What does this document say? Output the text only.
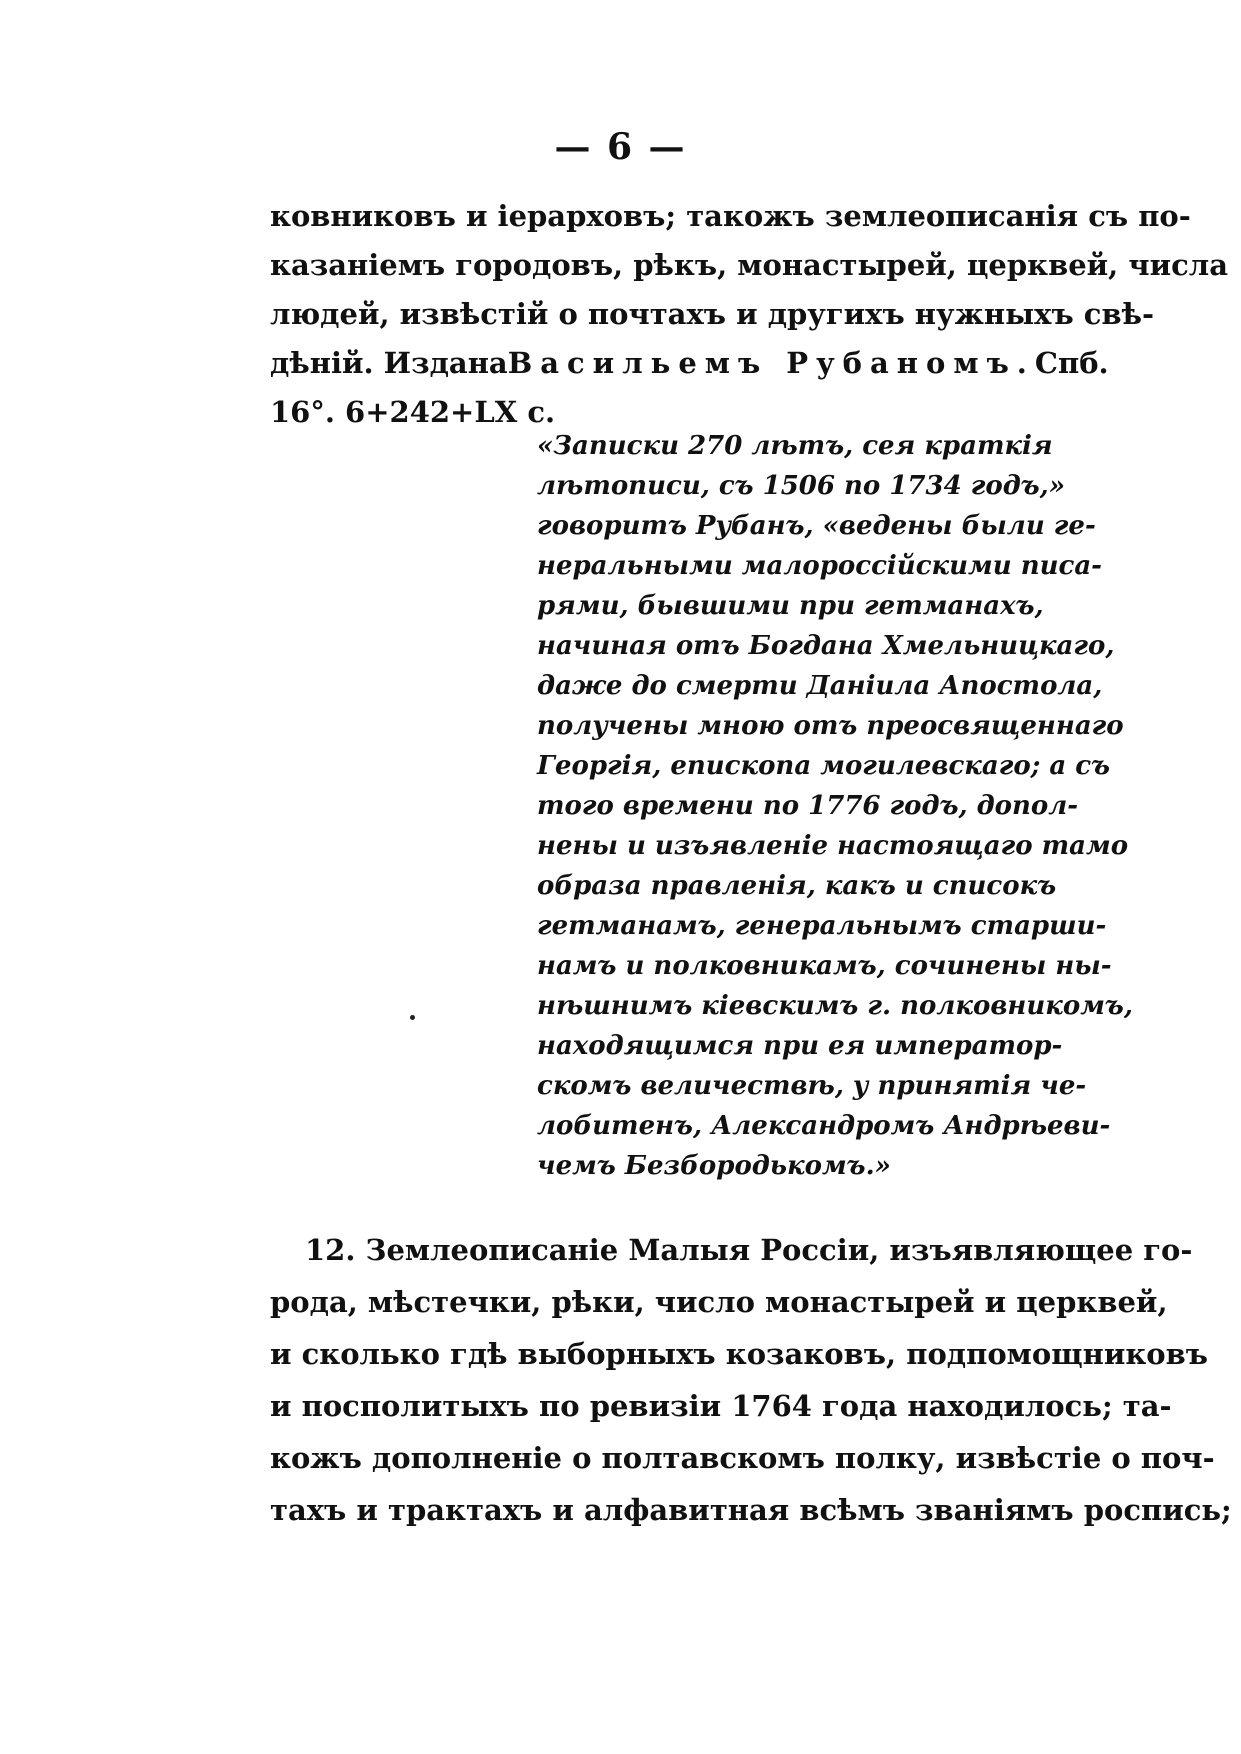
— 6 —
ковниковъ и iерарховъ; такожъ землеописанiя съ по-
казанiемъ городовъ, рѣкъ, монастырей, церквей, числа
людей, извѣстiй о почтахъ и другихъ нужныхъ свѣ-
дѣнiй. Издана Васильемъ Рубаномъ. Спб.
16°. 6+242+LX с.
«Записки 270 лѣтъ, сея краткiя
лѣтописи, съ 1506 по 1734 годъ,»
говоритъ Рубанъ, «ведены были ге-
неральными малороссiйскими писа-
рями, бывшими при гетманахъ,
начиная отъ Богдана Хмельницкаго,
даже до смерти Данiила Апостола,
получены мною отъ преосвященнаго
Георгiя, епископа могилевскаго; а съ
того времени по 1776 годъ, допол-
нены и изъявленiе настоящаго тамо
образа правленiя, какъ и списокъ
гетманамъ, генеральнымъ старши-
намъ и полковникамъ, сочинены ны-
нѣшнимъ кiевскимъ г. полковникомъ,
находящимся при ея император-
скомъ величествѣ, у принятiя че-
лобитенъ, Александромъ Андрѣеви-
чемъ Безбородькомъ.»
12. Землеописанiе Малыя Россiи, изъявляющее го-
рода, мѣстечки, рѣки, число монастырей и церквей,
и сколько гдѣ выборныхъ козаковъ, подпомощниковъ
и посполитыхъ по ревизiи 1764 года находилось; та-
кожъ дополненiе о полтавскомъ полку, извѣстiе о поч-
тахъ и трактахъ и алфавитная всѣмъ званiямъ роспись;
